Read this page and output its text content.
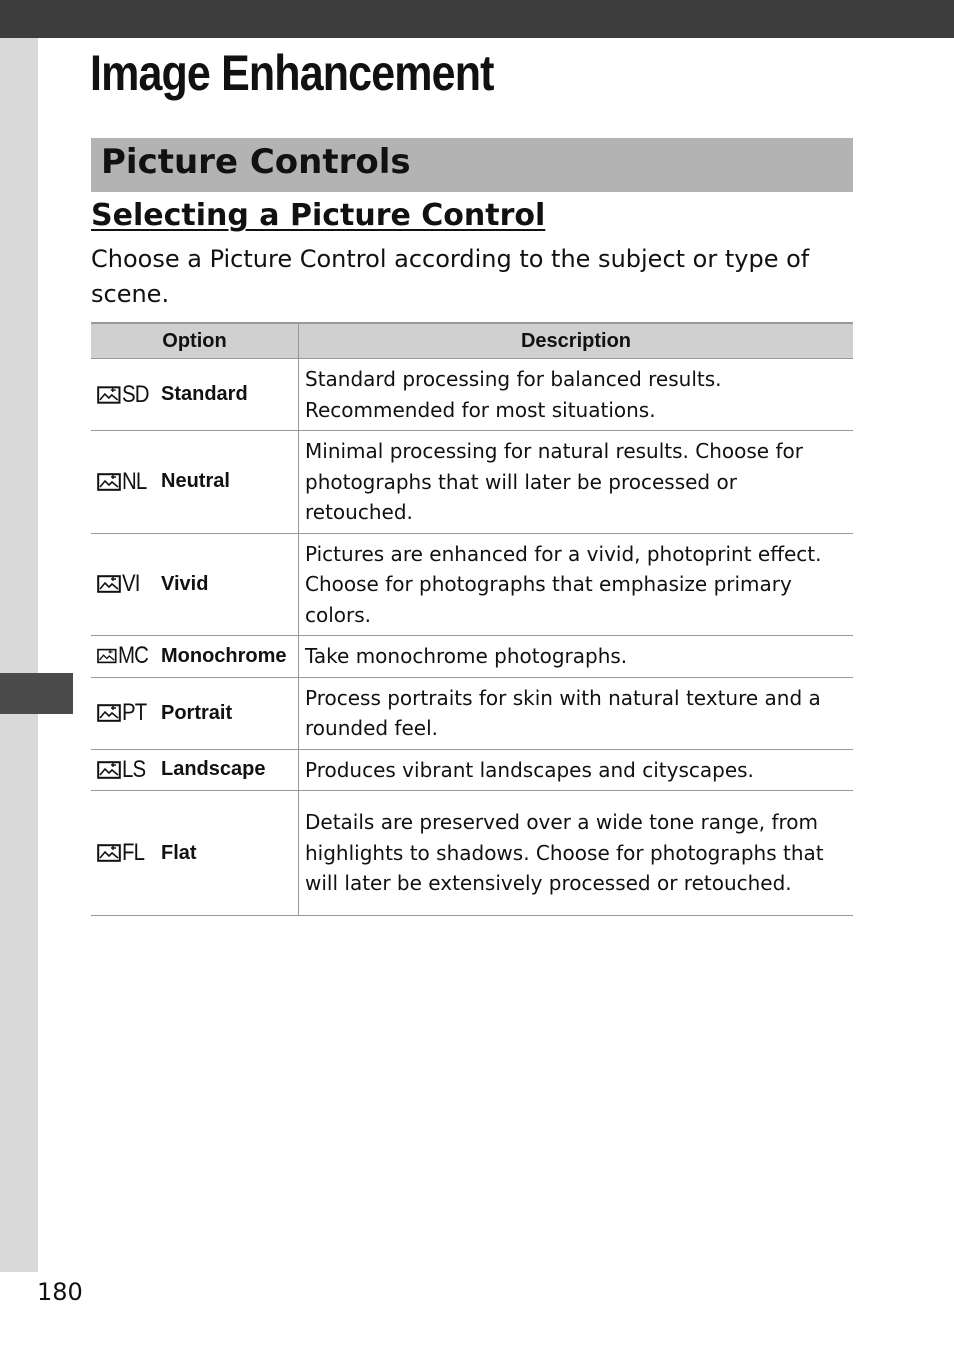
Image Enhancement
Picture Controls
Selecting a Picture Control

Choose a Picture Control according to the subject or type of scene.

Option	Description

SD Standard	Standard processing for balanced results. Recommended for most situations.

NL Neutral	Minimal processing for natural results. Choose for photographs that will later be processed or retouched.

VI Vivid	Pictures are enhanced for a vivid, photoprint effect. Choose for photographs that emphasize primary colors.

MC Monochrome	Take monochrome photographs.

PT Portrait	Process portraits for skin with natural texture and a rounded feel.

LS Landscape	Produces vibrant landscapes and cityscapes.

FL Flat	Details are preserved over a wide tone range, from highlights to shadows. Choose for photographs that will later be extensively processed or retouched.
180
